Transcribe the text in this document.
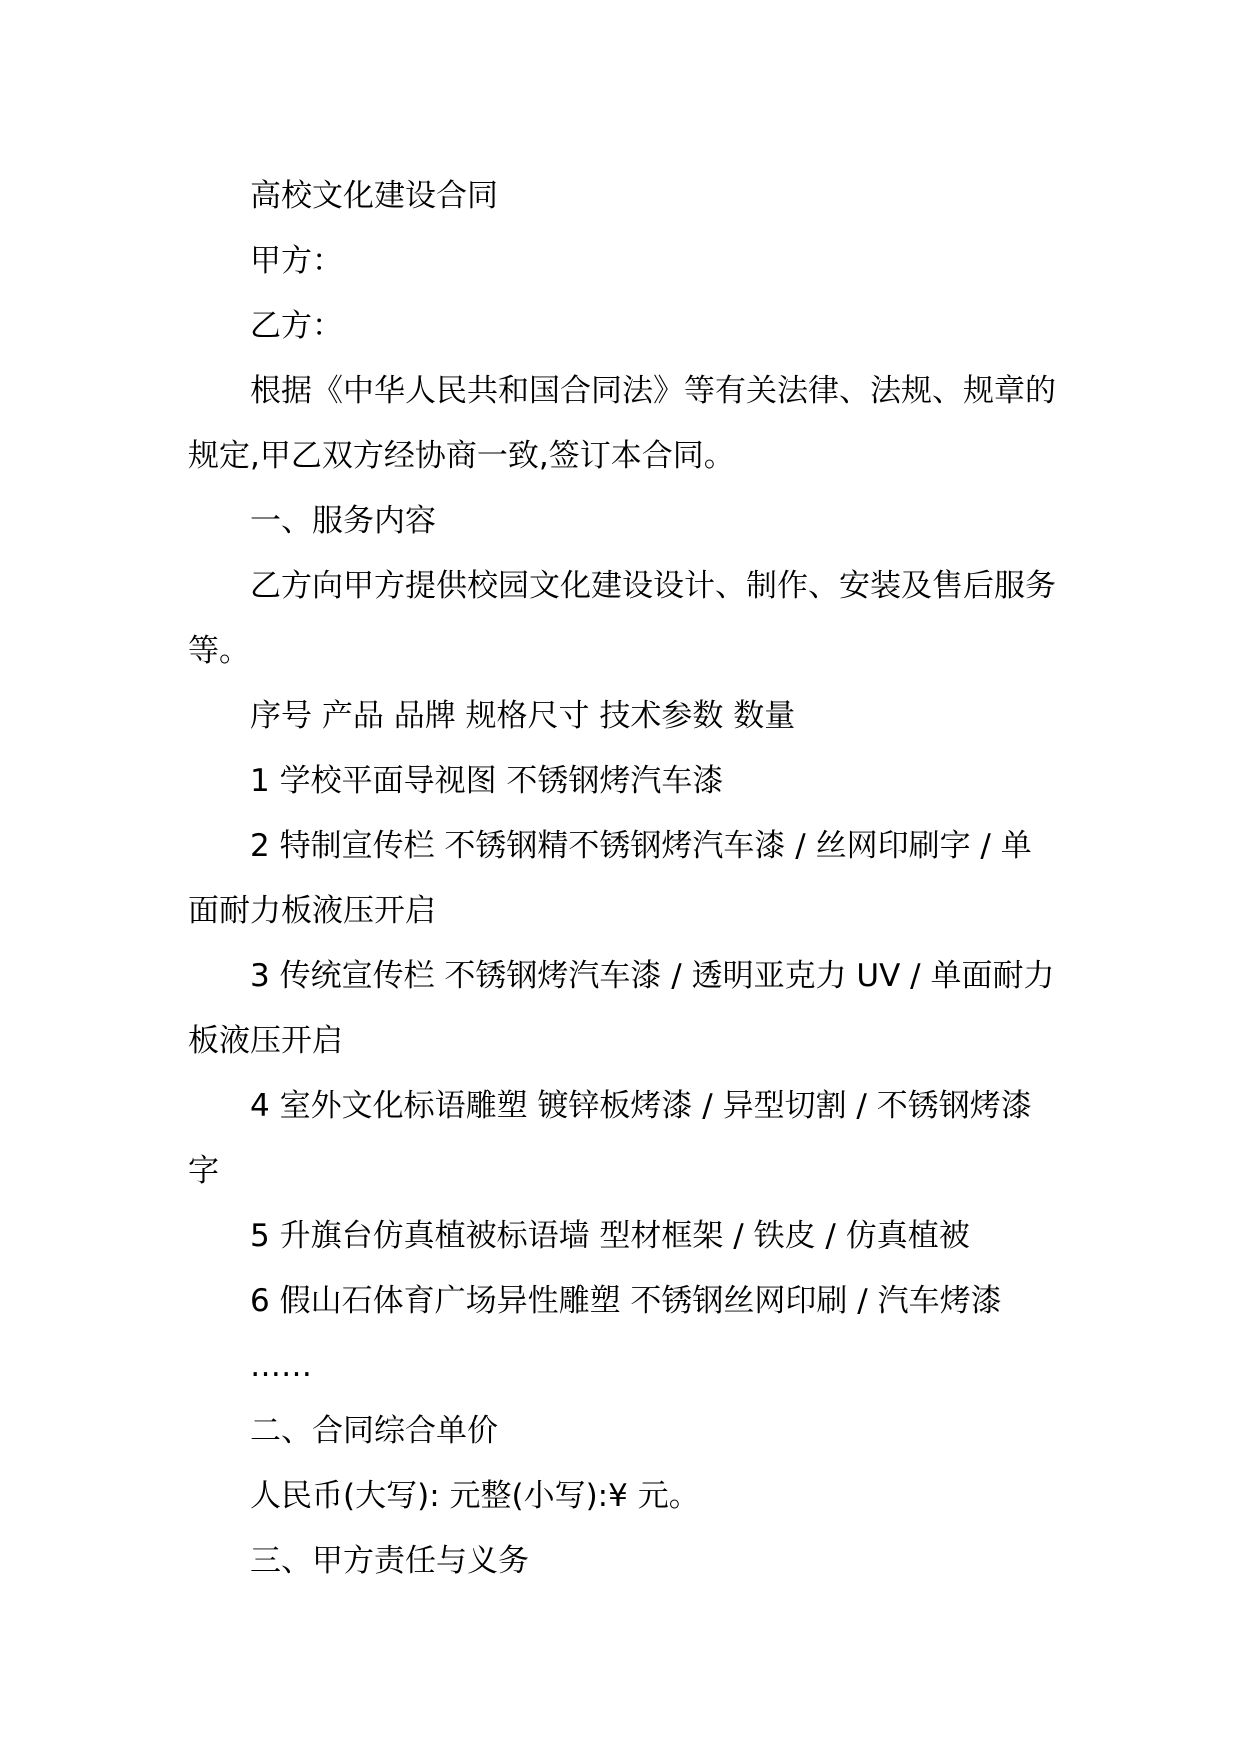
高校文化建设合同

甲方：

乙方：

根据《中华人民共和国合同法》等有关法律、法规、规章的规定,甲乙双方经协商一致,签订本合同。

一、服务内容

乙方向甲方提供校园文化建设设计、制作、安装及售后服务等。

序号 产品 品牌 规格尺寸 技术参数 数量

1 学校平面导视图 不锈钢烤汽车漆

2 特制宣传栏 不锈钢精不锈钢烤汽车漆 / 丝网印刷字 / 单面耐力板液压开启

3 传统宣传栏 不锈钢烤汽车漆 / 透明亚克力 UV / 单面耐力板液压开启

4 室外文化标语雕塑 镀锌板烤漆 / 异型切割 / 不锈钢烤漆字

5 升旗台仿真植被标语墙 型材框架 / 铁皮 / 仿真植被

6 假山石体育广场异性雕塑 不锈钢丝网印刷 / 汽车烤漆

……

二、合同综合单价

人民币(大写): 元整(小写):¥ 元。

三、甲方责任与义务
